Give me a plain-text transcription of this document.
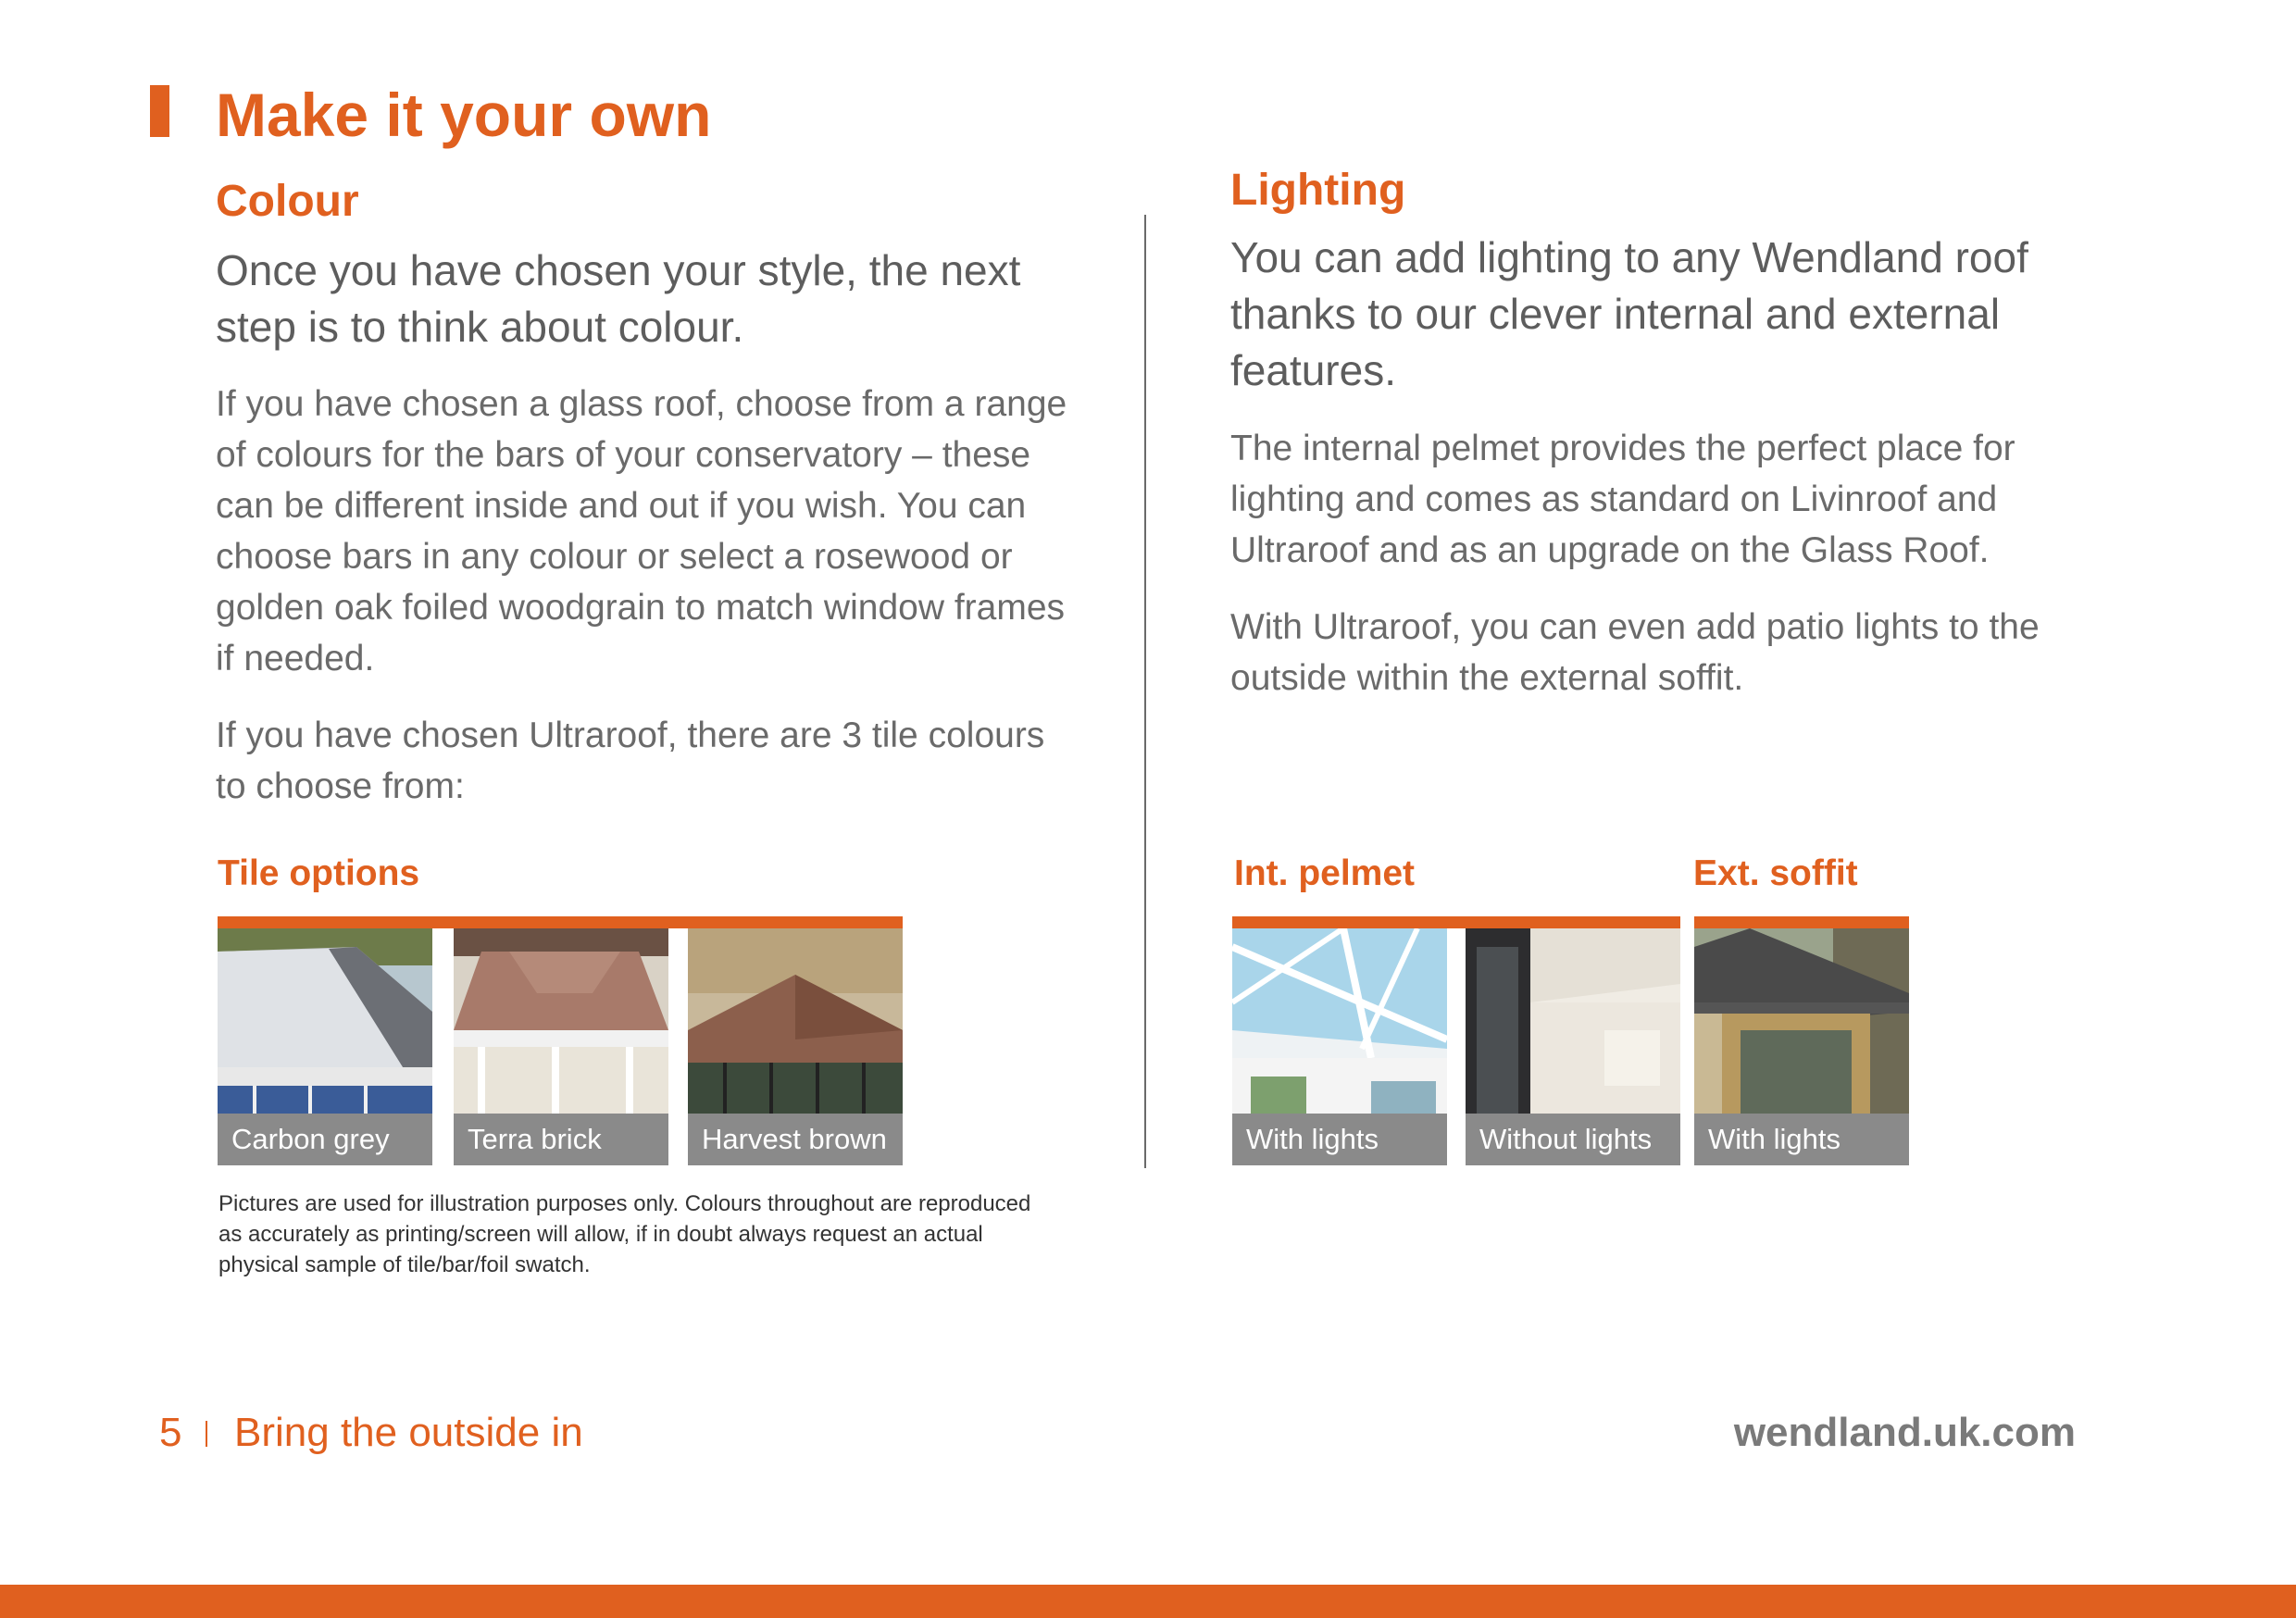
Make it your own
Colour

Once you have chosen your style, the next step is to think about colour.

If you have chosen a glass roof, choose from a range of colours for the bars of your conservatory – these can be different inside and out if you wish. You can choose bars in any colour or select a rosewood or golden oak foiled woodgrain to match window frames if needed.

If you have chosen Ultraroof, there are 3 tile colours to choose from:

Tile options
Carbon grey	Terra brick	Harvest brown

Pictures are used for illustration purposes only. Colours throughout are reproduced as accurately as printing/screen will allow, if in doubt always request an actual physical sample of tile/bar/foil swatch.

Lighting

You can add lighting to any Wendland roof thanks to our clever internal and external features.

The internal pelmet provides the perfect place for lighting and comes as standard on Livinroof and Ultraroof and as an upgrade on the Glass Roof.

With Ultraroof, you can even add patio lights to the outside within the external soffit.

Int. pelmet
With lights	Without lights
Ext. soffit
With lights
5 Bring the outside in	wendland.uk.com
